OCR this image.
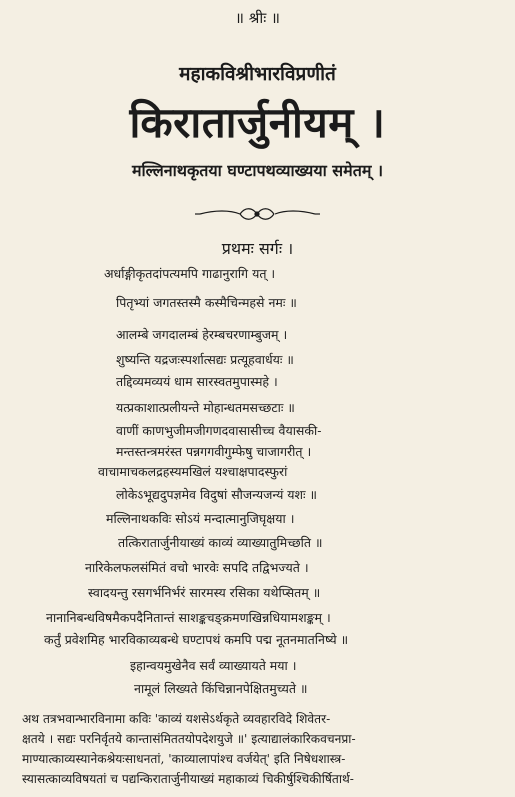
॥ श्रीः ॥
महाकविश्रीभारविप्रणीतं
किरातार्जुनीयम् ।
मल्लिनाथकृतया घण्टापथव्याख्यया समेतम् ।
प्रथमः सर्गः ।
अर्धाङ्गीकृतदांपत्यमपि गाढानुरागि यत् ।
पितृभ्यां जगतस्तस्मै कस्मैचिन्महसे नमः ॥
आलम्बे जगदालम्बं हेरम्बचरणाम्बुजम् ।
शुष्यन्ति यद्रजःस्पर्शात्सद्यः प्रत्यूहवार्धयः ॥
तद्दिव्यमव्ययं धाम सारस्वतमुपास्महे ।
यत्प्रकाशात्प्रलीयन्ते मोहान्धतमसच्छटाः ॥
वाणीं काणभुजीमजीगणदवासासीच्च वैयासकी-
मन्तस्तन्त्रमरंस्त पन्नगगवीगुम्फेषु चाजागरीत् ।
वाचामाचकलद्रहस्यमखिलं यश्चाक्षपादस्फुरां
लोकेऽभूद्यदुपज्ञमेव विदुषां सौजन्यजन्यं यशः ॥
मल्लिनाथकविः सोऽयं मन्दात्मानुजिघृक्षया ।
तत्किरातार्जुनीयाख्यं काव्यं व्याख्यातुमिच्छति ॥
नारिकेलफलसंमितं वचो भारवेः सपदि तद्विभज्यते ।
स्वादयन्तु रसगर्भनिर्भरं सारमस्य रसिका यथेप्सितम् ॥
नानानिबन्धविषमैकपदैनितान्तं साशङ्कचङ्क्रमणखिन्नधियामशङ्कम् ।
कर्तुं प्रवेशमिह भारविकाव्यबन्धे घण्टापथं कमपि पद्म नूतनमातनिष्ये ॥
इहान्वयमुखेनैव सर्वं व्याख्यायते मया ।
नामूलं लिख्यते किंचिन्नानपेक्षितमुच्यते ॥
अथ तत्रभवान्भारविनामा कविः 'काव्यं यशसेऽर्थकृते व्यवहारविदे शिवेतर-
क्षतये । सद्यः परनिर्वृतये कान्तासंमिततयोपदेशयुजे ॥' इत्याद्यालंकारिकवचनप्रा-
माण्यात्काव्यस्यानेकश्रेयःसाधनतां, 'काव्यालापांश्च वर्जयेत्' इति निषेधशास्त्र-
स्यासत्काव्यविषयतां च पद्यन्किरातार्जुनीयाख्यं महाकाव्यं चिकीर्षुश्चिकीर्षितार्थ-
